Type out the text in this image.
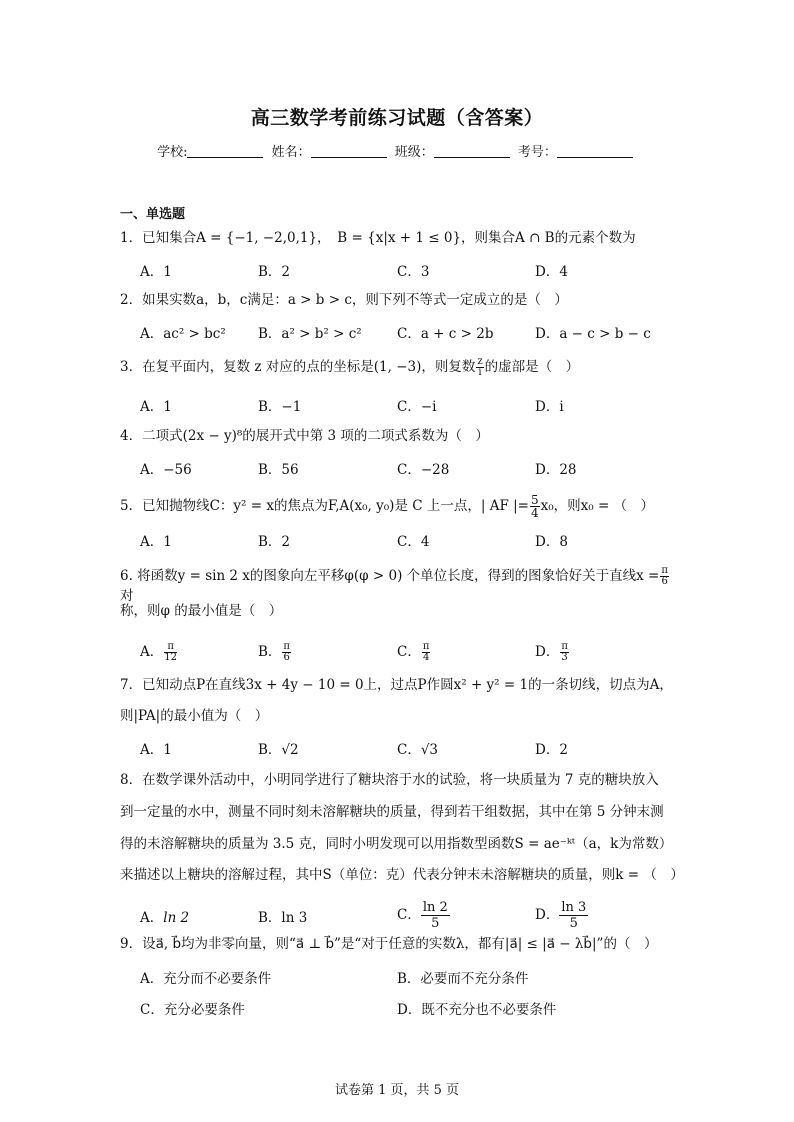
高三数学考前练习试题（含答案）
学校:	姓名：	班级：	考号：
一、单选题
1．已知集合A = {−1, −2,0,1}，　B = {x|x + 1 ≤ 0}，则集合A ∩ B的元素个数为
A．1	B．2	C．3	D．4
2．如果实数a，b，c满足：a > b > c，则下列不等式一定成立的是（　）
A．ac² > bc² B．a² > b² > c²	C．a + c > 2b	D．a − c > b − c
3．在复平面内，复数 z 对应的点的坐标是(1, −3)，则复数 $\frac{z}{i}$ 的虚部是（　）
A．1	B．−1	C．−i	D．i
4．二项式(2x − y)⁸的展开式中第 3 项的二项式系数为（　）
A．−56	B．56	C．−28	D．28
5．已知抛物线C：y² = x的焦点为F,A(x₀, y₀)是 C 上一点，| AF |= $\frac{5}{4} x_0$，则x₀ = （　）
A．1	B．2	C．4	D．8
6. 将函数y = sin 2 x的图象向左平移φ(φ > 0) 个单位长度，得到的图象恰好关于直线$x = \frac{\pi}{6}$
对
称，则φ 的最小值是（　）
A． $\frac{\pi}{12}$	B． $\frac{\pi}{6}$	C． $\frac{\pi}{4}$	D． $\frac{\pi}{3}$
7．已知动点P在直线3x + 4y − 10 = 0上，过点P作圆x² + y² = 1的一条切线，切点为A，
则|PA|的最小值为（　）
A．1	B．√2	C．√3	D．2
8．在数学课外活动中，小明同学进行了糖块溶于水的试验，将一块质量为 7 克的糖块放入
到一定量的水中，测量不同时刻未溶解糖块的质量，得到若干组数据，其中在第 5 分钟末测
得的未溶解糖块的质量为 3.5 克，同时小明发现可以用指数型函数S = ae⁻ᵏᵗ（a，k为常数）
来描述以上糖块的溶解过程，其中S（单位：克）代表分钟末未溶解糖块的质量，则k = （　）
A．ln 2	B．ln 3	C． $\frac{\ln 2}{5}$	D． $\frac{\ln 3}{5}$
9．设a⃗, b⃗均为非零向量，则“a⃗ ⊥ b⃗”是“对于任意的实数λ，都有|a⃗| ≤ |a⃗ − λb⃗|”的（　）
A．充分而不必要条件	B．必要而不充分条件
C．充分必要条件	D．既不充分也不必要条件
试卷第 1 页，共 5 页
